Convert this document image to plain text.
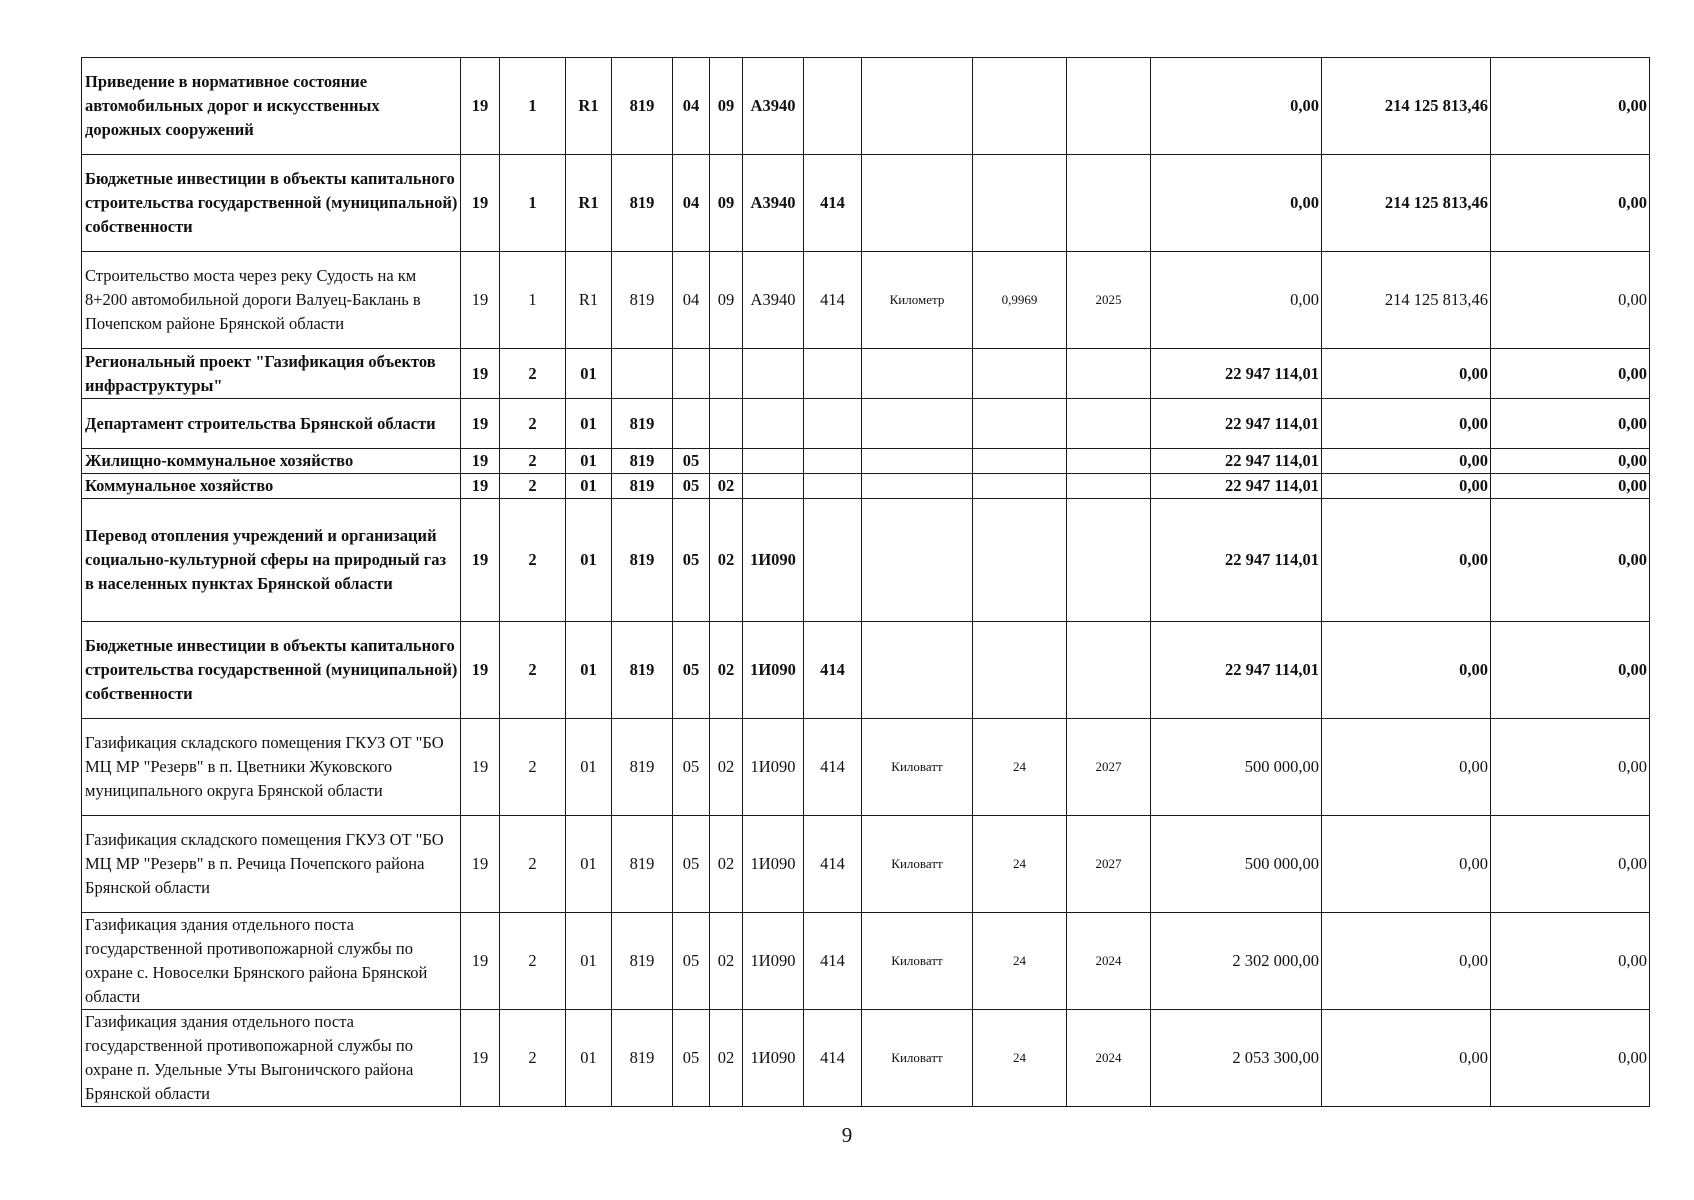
Приведение в нормативное состояние автомобильных дорог и искусственных дорожных сооружений	19	1	R1	819	04	09	А3940					0,00	214 125 813,46	0,00
Бюджетные инвестиции в объекты капитального строительства государственной (муниципальной) собственности	19	1	R1	819	04	09	А3940	414				0,00	214 125 813,46	0,00
Строительство моста через реку Судость на км 8+200 автомобильной дороги Валуец-Баклань в Почепском районе Брянской области	19	1	R1	819	04	09	А3940	414	Километр	0,9969	2025	0,00	214 125 813,46	0,00
Региональный проект "Газификация объектов инфраструктуры"	19	2	01									22 947 114,01	0,00	0,00
Департамент строительства Брянской области	19	2	01	819								22 947 114,01	0,00	0,00
Жилищно-коммунальное хозяйство	19	2	01	819	05							22 947 114,01	0,00	0,00
Коммунальное хозяйство	19	2	01	819	05	02						22 947 114,01	0,00	0,00
Перевод отопления учреждений и организаций социально-культурной сферы на природный газ в населенных пунктах Брянской области	19	2	01	819	05	02	1И090					22 947 114,01	0,00	0,00
Бюджетные инвестиции в объекты капитального строительства государственной (муниципальной) собственности	19	2	01	819	05	02	1И090	414				22 947 114,01	0,00	0,00
Газификация складского помещения ГКУЗ ОТ "БО МЦ МР "Резерв" в п. Цветники Жуковского муниципального округа Брянской области	19	2	01	819	05	02	1И090	414	Киловатт	24	2027	500 000,00	0,00	0,00
Газификация складского помещения ГКУЗ ОТ "БО МЦ МР "Резерв" в п. Речица Почепского района Брянской области	19	2	01	819	05	02	1И090	414	Киловатт	24	2027	500 000,00	0,00	0,00
Газификация здания отдельного поста государственной противопожарной службы по охране с. Новоселки Брянского района Брянской области	19	2	01	819	05	02	1И090	414	Киловатт	24	2024	2 302 000,00	0,00	0,00
Газификация здания отдельного поста государственной противопожарной службы по охране п. Удельные Уты Выгоничского района Брянской области	19	2	01	819	05	02	1И090	414	Киловатт	24	2024	2 053 300,00	0,00	0,00
9
